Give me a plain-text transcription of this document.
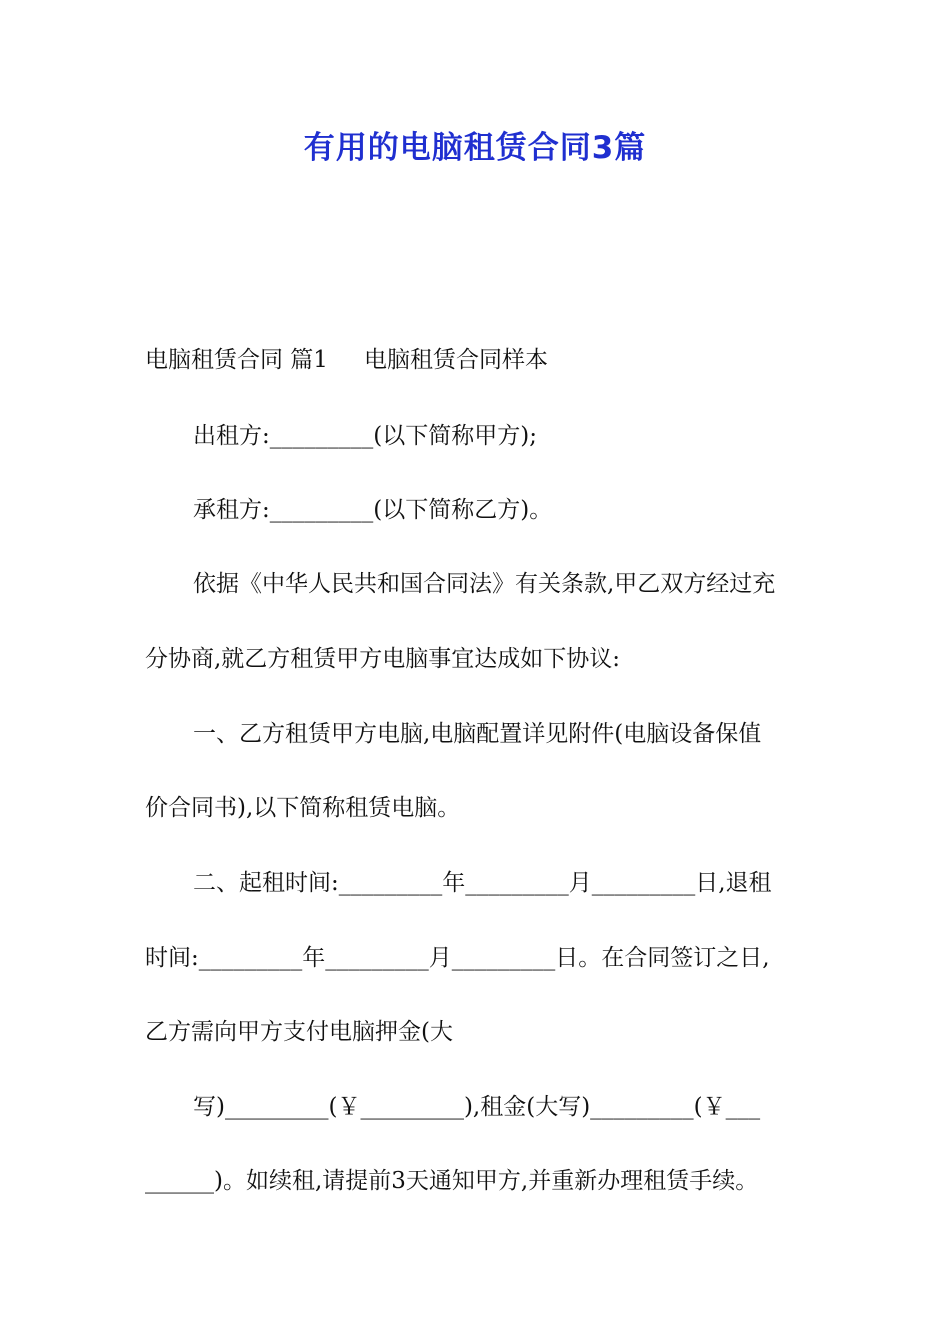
有用的电脑租赁合同3篇
电脑租赁合同 篇1 电脑租赁合同样本
出租方:_________(以下简称甲方);
承租方:_________(以下简称乙方)。
依据《中华人民共和国合同法》有关条款,甲乙双方经过充
分协商,就乙方租赁甲方电脑事宜达成如下协议:
一、乙方租赁甲方电脑,电脑配置详见附件(电脑设备保值
价合同书),以下简称租赁电脑。
二、起租时间:_________年_________月_________日,退租
时间:_________年_________月_________日。在合同签订之日,
乙方需向甲方支付电脑押金(大
写)_________(￥_________),租金(大写)_________(￥___
______)。如续租,请提前3天通知甲方,并重新办理租赁手续。
